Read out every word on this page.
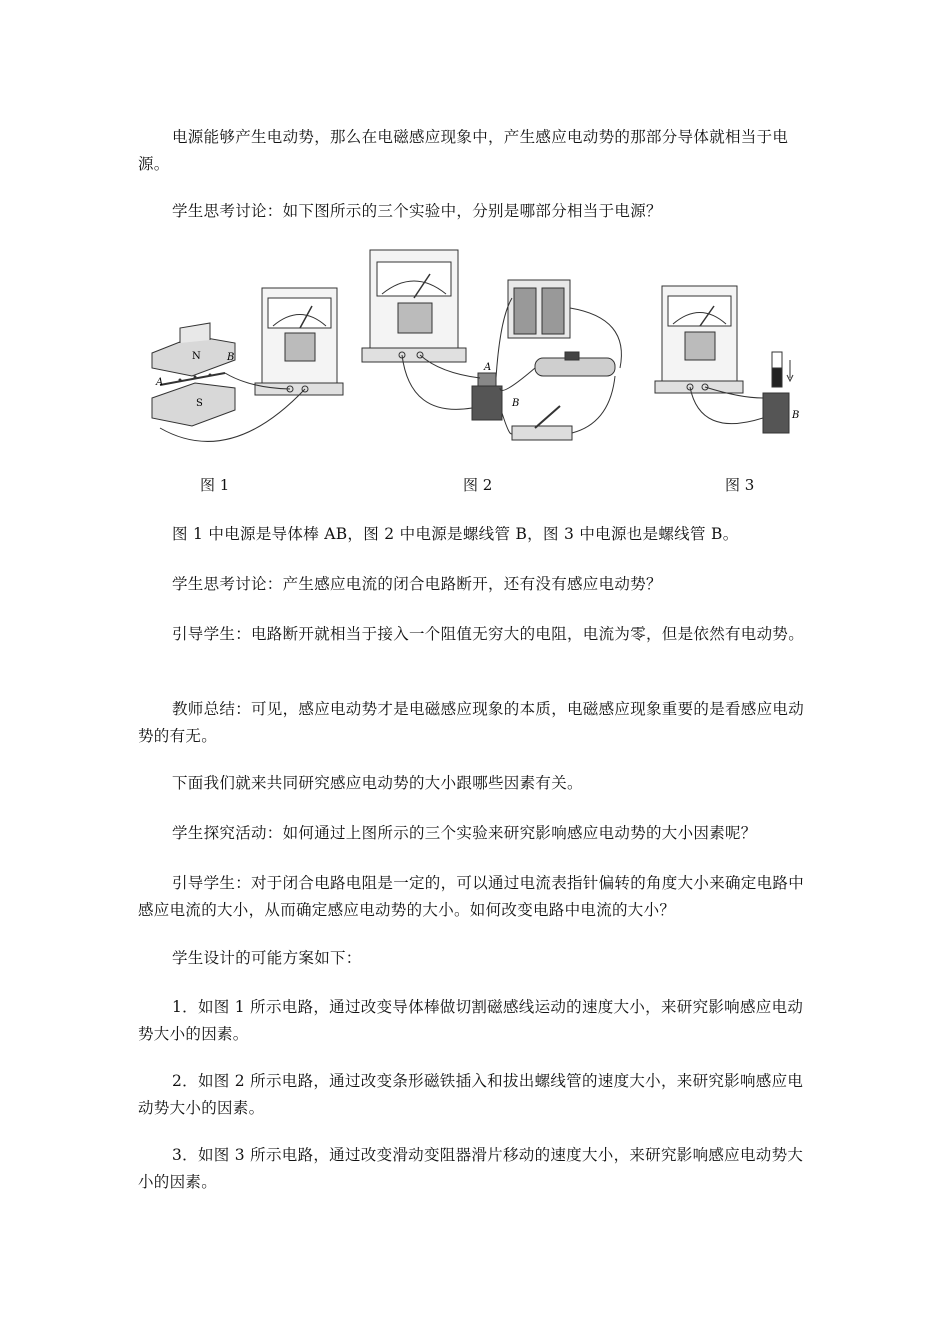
电源能够产生电动势，那么在电磁感应现象中，产生感应电动势的那部分导体就相当于电源。

学生思考讨论：如下图所示的三个实验中，分别是哪部分相当于电源？

B
A
N
S
A
B
B
图 1	图 2	图 3

图 1 中电源是导体棒 AB，图 2 中电源是螺线管 B，图 3 中电源也是螺线管 B。

学生思考讨论：产生感应电流的闭合电路断开，还有没有感应电动势？

引导学生：电路断开就相当于接入一个阻值无穷大的电阻，电流为零，但是依然有电动势。

教师总结：可见，感应电动势才是电磁感应现象的本质，电磁感应现象重要的是看感应电动势的有无。

下面我们就来共同研究感应电动势的大小跟哪些因素有关。

学生探究活动：如何通过上图所示的三个实验来研究影响感应电动势的大小因素呢？

引导学生：对于闭合电路电阻是一定的，可以通过电流表指针偏转的角度大小来确定电路中感应电流的大小，从而确定感应电动势的大小。如何改变电路中电流的大小？

学生设计的可能方案如下：

1．如图 1 所示电路，通过改变导体棒做切割磁感线运动的速度大小，来研究影响感应电动势大小的因素。

2．如图 2 所示电路，通过改变条形磁铁插入和拔出螺线管的速度大小，来研究影响感应电动势大小的因素。

3．如图 3 所示电路，通过改变滑动变阻器滑片移动的速度大小，来研究影响感应电动势大小的因素。
